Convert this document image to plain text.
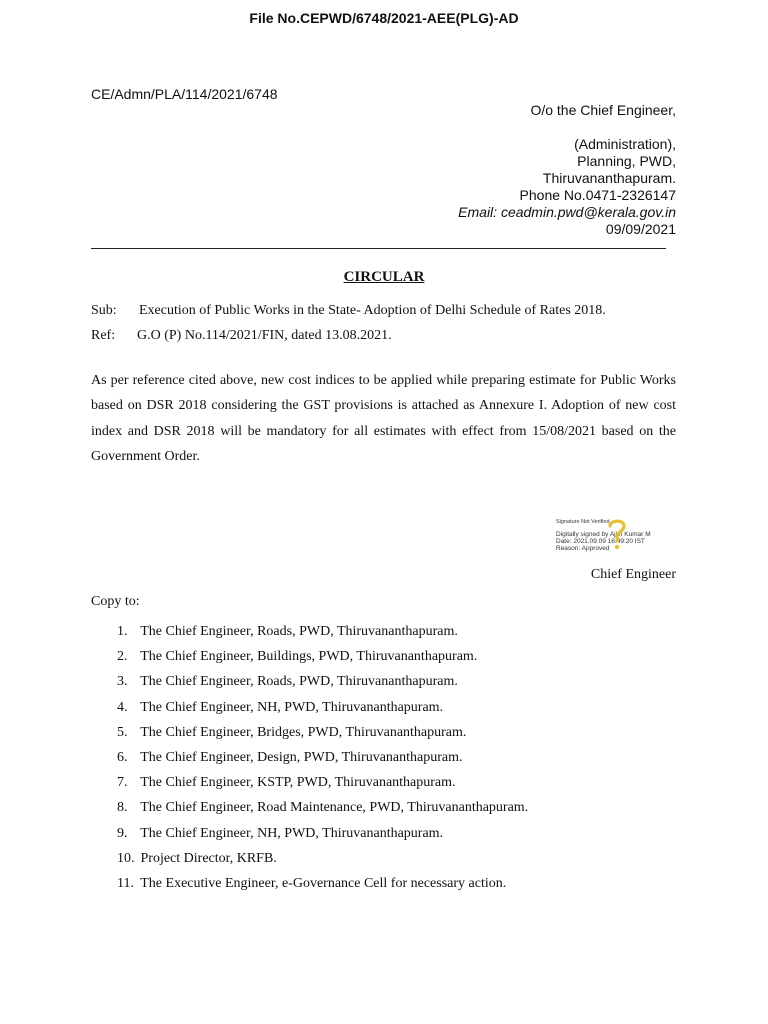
File No.CEPWD/6748/2021-AEE(PLG)-AD
CE/Admn/PLA/114/2021/6748
O/o the Chief Engineer,
(Administration),
Planning, PWD,
Thiruvananthapuram.
Phone No.0471-2326147
Email: ceadmin.pwd@kerala.gov.in
09/09/2021
CIRCULAR
Sub: Execution of Public Works in the State- Adoption of Delhi Schedule of Rates 2018.
Ref: G.O (P) No.114/2021/FIN, dated 13.08.2021.
As per reference cited above, new cost indices to be applied while preparing estimate for Public Works based on DSR 2018 considering the GST provisions is attached as Annexure I. Adoption of new cost index and DSR 2018 will be mandatory for all estimates with effect from 15/08/2021 based on the Government Order.
Signature Not Verified
Digitally signed by Ajith Kumar M
Date: 2021.09.09 16:49:20 IST
Reason: Approved
Chief Engineer
Copy to:
1. The Chief Engineer, Roads, PWD, Thiruvananthapuram.
2. The Chief Engineer, Buildings, PWD, Thiruvananthapuram.
3. The Chief Engineer, Roads, PWD, Thiruvananthapuram.
4. The Chief Engineer, NH, PWD, Thiruvananthapuram.
5. The Chief Engineer, Bridges, PWD, Thiruvananthapuram.
6. The Chief Engineer, Design, PWD, Thiruvananthapuram.
7. The Chief Engineer, KSTP, PWD, Thiruvananthapuram.
8. The Chief Engineer, Road Maintenance, PWD, Thiruvananthapuram.
9. The Chief Engineer, NH, PWD, Thiruvananthapuram.
10. Project Director, KRFB.
11. The Executive Engineer, e-Governance Cell for necessary action.
